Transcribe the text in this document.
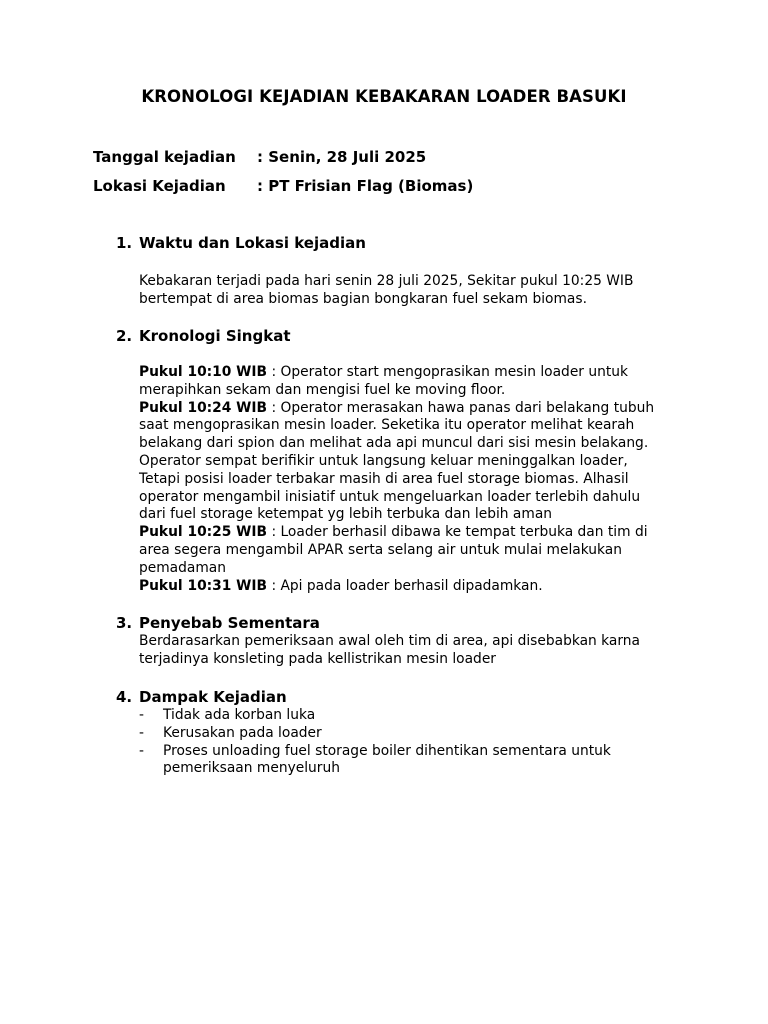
KRONOLOGI KEJADIAN KEBAKARAN LOADER BASUKI
Tanggal kejadian : Senin, 28 Juli 2025
Lokasi Kejadian : PT Frisian Flag (Biomas)
1. Waktu dan Lokasi kejadian
Kebakaran terjadi pada hari senin 28 juli 2025, Sekitar pukul 10:25 WIB
bertempat di area biomas bagian bongkaran fuel sekam biomas.
2. Kronologi Singkat
Pukul 10:10 WIB : Operator start mengoprasikan mesin loader untuk
merapihkan sekam dan mengisi fuel ke moving floor.
Pukul 10:24 WIB : Operator merasakan hawa panas dari belakang tubuh
saat mengoprasikan mesin loader. Seketika itu operator melihat kearah
belakang dari spion dan melihat ada api muncul dari sisi mesin belakang.
Operator sempat berifikir untuk langsung keluar meninggalkan loader,
Tetapi posisi loader terbakar masih di area fuel storage biomas. Alhasil
operator mengambil inisiatif untuk mengeluarkan loader terlebih dahulu
dari fuel storage ketempat yg lebih terbuka dan lebih aman
Pukul 10:25 WIB : Loader berhasil dibawa ke tempat terbuka dan tim di
area segera mengambil APAR serta selang air untuk mulai melakukan
pemadaman
Pukul 10:31 WIB : Api pada loader berhasil dipadamkan.
3. Penyebab Sementara
Berdarasarkan pemeriksaan awal oleh tim di area, api disebabkan karna
terjadinya konsleting pada kellistrikan mesin loader
4. Dampak Kejadian
- Tidak ada korban luka
- Kerusakan pada loader
- Proses unloading fuel storage boiler dihentikan sementara untuk
pemeriksaan menyeluruh
